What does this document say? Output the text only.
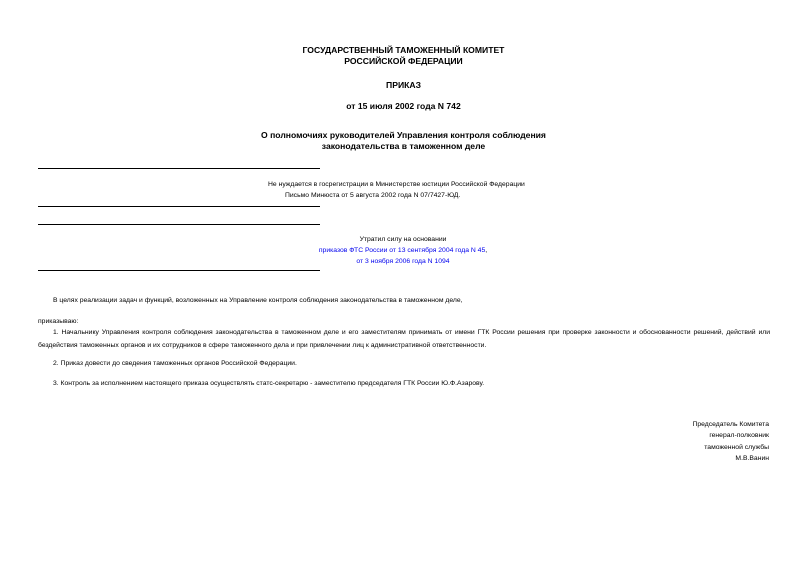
ГОСУДАРСТВЕННЫЙ ТАМОЖЕННЫЙ КОМИТЕТ
РОССИЙСКОЙ ФЕДЕРАЦИИ
ПРИКАЗ
от 15 июля 2002 года N 742
О полномочиях руководителей Управления контроля соблюдения
законодательства в таможенном деле
Не нуждается в госрегистрации в Министерстве юстиции Российской Федерации
Письмо Минюста от 5 августа 2002 года N 07/7427-ЮД.
Утратил силу на основании
приказов ФТС России от 13 сентября 2004 года N 45,
от 3 ноября 2006 года N 1094
В целях реализации задач и функций, возложенных на Управление контроля соблюдения законодательства в таможенном деле,
приказываю:
1. Начальнику Управления контроля соблюдения законодательства в таможенном деле и его заместителям принимать от имени ГТК России решения при проверке законности и обоснованности решений, действий или бездействия таможенных органов и их сотрудников в сфере таможенного дела и при привлечении лиц к административной ответственности.
2. Приказ довести до сведения таможенных органов Российской Федерации.
3. Контроль за исполнением настоящего приказа осуществлять статс-секретарю - заместителю председателя ГТК России Ю.Ф.Азарову.
Председатель Комитета
генерал-полковник
таможенной службы
М.В.Ванин
